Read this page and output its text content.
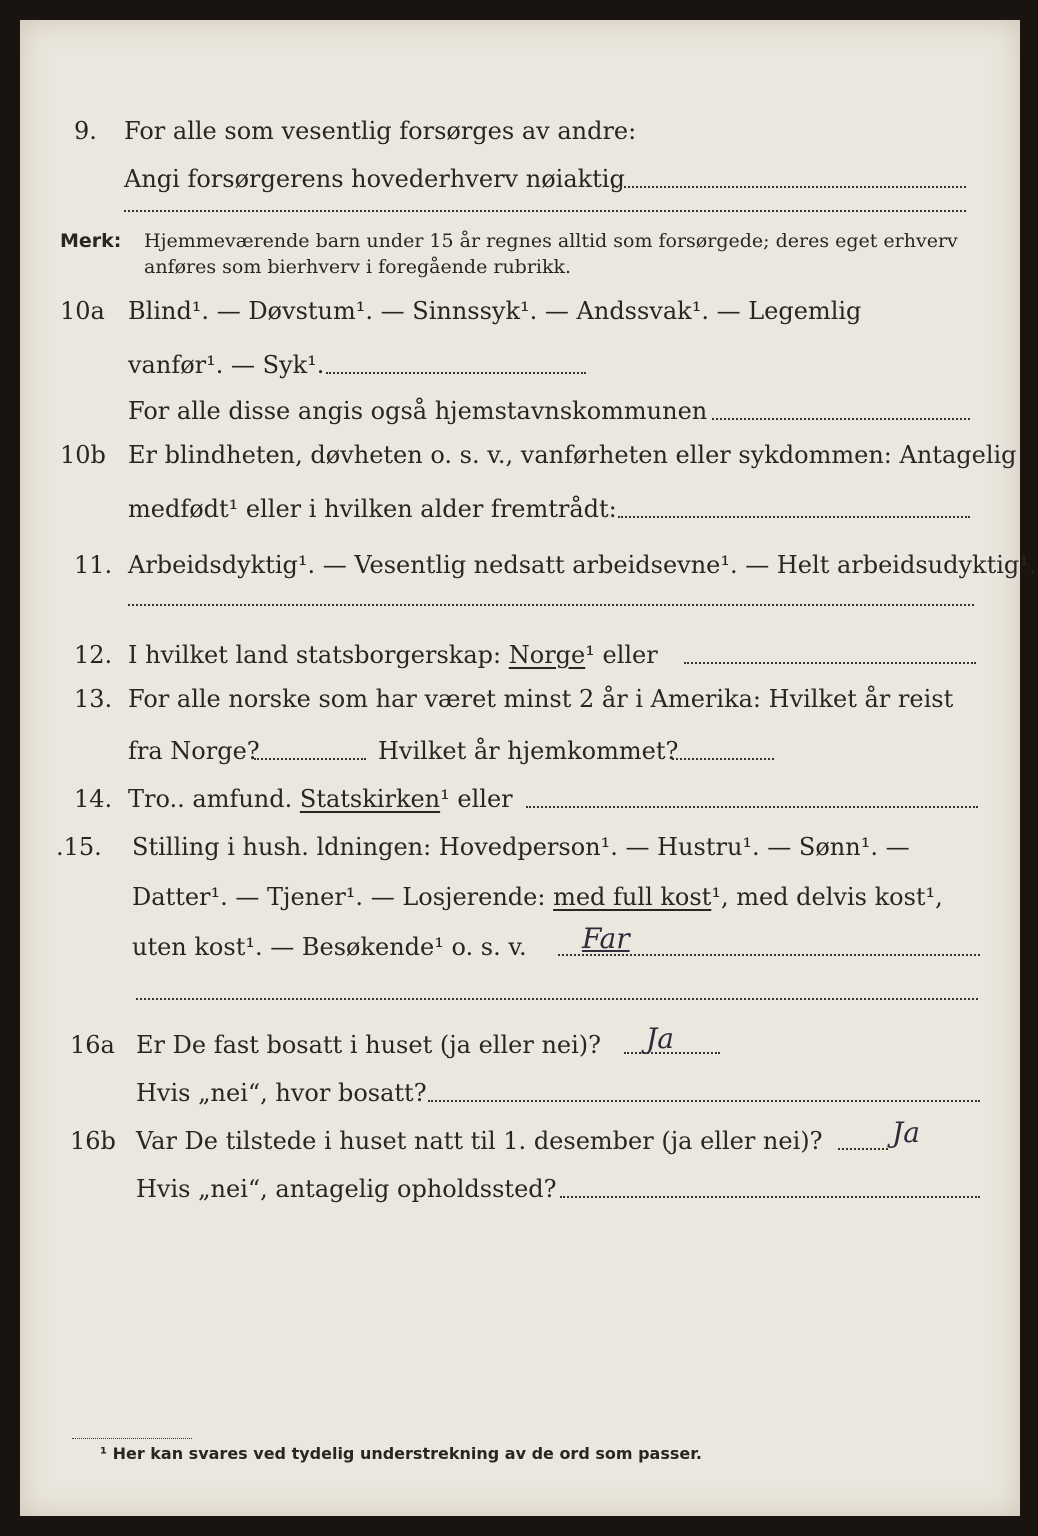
9. For alle som vesentlig forsørges av andre:
Angi forsørgerens hovederhverv nøiaktig
Merk: Hjemmeværende barn under 15 år regnes alltid som forsørgede; deres eget erhverv
anføres som bierhverv i foregående rubrikk.
10a Blind¹. — Døvstum¹. — Sinnssyk¹. — Andssvak¹. — Legemlig
vanfør¹. — Syk¹.
For alle disse angis også hjemstavnskommunen
10b Er blindheten, døvheten o. s. v., vanførheten eller sykdommen: Antagelig
medfødt¹ eller i hvilken alder fremtrådt:
11. Arbeidsdyktig¹. — Vesentlig nedsatt arbeidsevne¹. — Helt arbeidsudyktig¹.
12. I hvilket land statsborgerskap: Norge¹ eller
13. For alle norske som har været minst 2 år i Amerika: Hvilket år reist
fra Norge?	Hvilket år hjemkommet?
14. Tro.. amfund. Statskirken¹ eller
.15. Stilling i hush. ldningen: Hovedperson¹. — Hustru¹. — Sønn¹. —
Datter¹. — Tjener¹. — Losjerende: med full kost¹, med delvis kost¹,
uten kost¹. — Besøkende¹ o. s. v. Far
16a Er De fast bosatt i huset (ja eller nei)? Ja
Hvis „nei“, hvor bosatt?
16b Var De tilstede i huset natt til 1. desember (ja eller nei)? Ja
Hvis „nei“, antagelig opholdssted?
¹ Her kan svares ved tydelig understrekning av de ord som passer.
